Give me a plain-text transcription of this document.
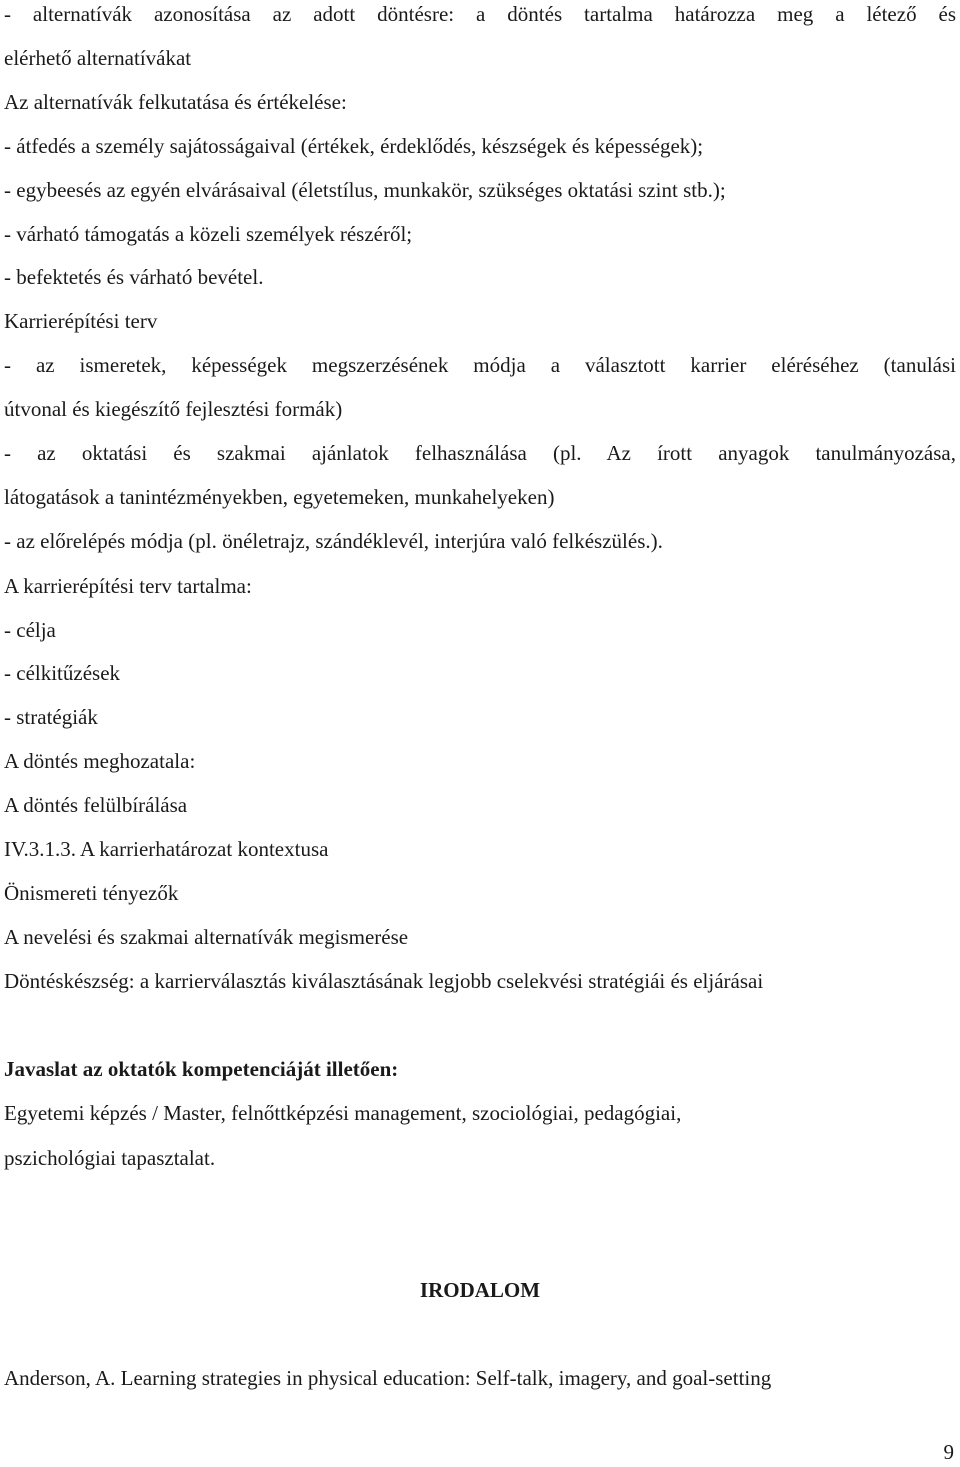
- alternatívák azonosítása az adott döntésre: a döntés tartalma határozza meg a létező és
elérhető alternatívákat
Az alternatívák felkutatása és értékelése:
- átfedés a személy sajátosságaival (értékek, érdeklődés, készségek és képességek);
- egybeesés az egyén elvárásaival (életstílus, munkakör, szükséges oktatási szint stb.);
- várható támogatás a közeli személyek részéről;
- befektetés és várható bevétel.
Karrierépítési terv
- az ismeretek, képességek megszerzésének módja a választott karrier eléréséhez (tanulási
útvonal és kiegészítő fejlesztési formák)
- az oktatási és szakmai ajánlatok felhasználása (pl. Az írott anyagok tanulmányozása,
látogatások a tanintézményekben, egyetemeken, munkahelyeken)
- az előrelépés módja (pl. önéletrajz, szándéklevél, interjúra való felkészülés.).
A karrierépítési terv tartalma:
- célja
- célkitűzések
- stratégiák
A döntés meghozatala:
A döntés felülbírálása
IV.3.1.3. A karrierhatározat kontextusa
Önismereti tényezők
A nevelési és szakmai alternatívák megismerése
Döntéskészség: a karrierválasztás kiválasztásának legjobb cselekvési stratégiái és eljárásai
Javaslat az oktatók kompetenciáját illetően:
Egyetemi képzés / Master, felnőttképzési management, szociológiai, pedagógiai,
pszichológiai tapasztalat.
IRODALOM
Anderson, A. Learning strategies in physical education: Self-talk, imagery, and goal-setting
9
